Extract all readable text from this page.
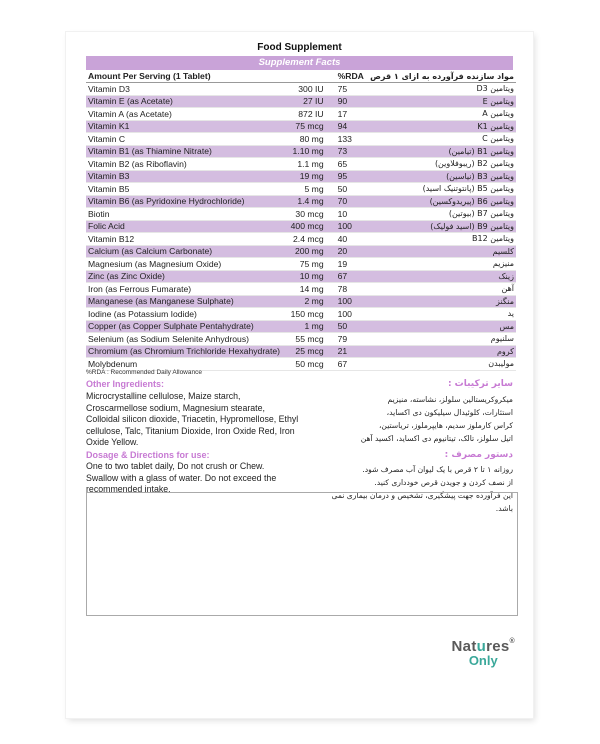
Food Supplement
Supplement Facts
Amount Per Serving (1 Tablet)		%RDA	مواد سازنده فرآورده به ازای ۱ قرص
Vitamin D3	300 IU	75	ویتامین D3
Vitamin E (as Acetate)	27 IU	90	ویتامین E
Vitamin A (as Acetate)	872 IU	17	ویتامین A
Vitamin K1	75 mcg	94	ویتامین K1
Vitamin C	80 mg	133	ویتامین C
Vitamin B1 (as Thiamine Nitrate)	1.10 mg	73	ویتامین B1 (تیامین)
Vitamin B2 (as Riboflavin)	1.1 mg	65	ویتامین B2 (ریبوفلاوین)
Vitamin B3	19 mg	95	ویتامین B3 (نیاسین)
Vitamin B5	5 mg	50	ویتامین B5 (پانتوتنیک اسید)
Vitamin B6 (as Pyridoxine Hydrochloride)	1.4 mg	70	ویتامین B6 (پیریدوکسین)
Biotin	30 mcg	10	ویتامین B7 (بیوتین)
Folic Acid	400 mcg	100	ویتامین B9 (اسید فولیک)
Vitamin B12	2.4 mcg	40	ویتامین B12
Calcium (as Calcium Carbonate)	200 mg	20	کلسیم
Magnesium (as Magnesium Oxide)	75 mg	19	منیزیم
Zinc (as Zinc Oxide)	10 mg	67	زینک
Iron (as Ferrous Fumarate)	14 mg	78	آهن
Manganese (as Manganese Sulphate)	2 mg	100	منگنز
Iodine (as Potassium Iodide)	150 mcg	100	ید
Copper (as Copper Sulphate Pentahydrate)	1 mg	50	مس
Selenium (as Sodium Selenite Anhydrous)	55 mcg	79	سلنیوم
Chromium (as Chromium Trichloride Hexahydrate)	25 mcg	21	کروم
Molybdenum	50 mcg	67	مولیبدن
%RDA : Recommended Daily Allowance
Other Ingredients:
Microcrystalline cellulose, Maize starch,
Croscarmellose sodium, Magnesium stearate,
Colloidal silicon dioxide, Triacetin, Hypromellose, Ethyl
cellulose, Talc, Titanium Dioxide, Iron Oxide Red, Iron
Oxide Yellow.
سایر ترکیبات :
میکروکریستالین سلولز، نشاسته، منیزیم
استئارات، کلوئیدال سیلیکون دی اکساید،
کراس کارملوز سدیم، هایپرملوز، تریاستین،
اتیل سلولز، تالک، تیتانیوم دی اکساید، اکسید آهن
Dosage & Directions for use:
One to two tablet daily, Do not crush or Chew.
Swallow with a glass of water. Do not exceed the
recommended intake.
دستور مصرف :
روزانه ۱ تا ۲ قرص با یک لیوان آب مصرف شود.
از نصف کردن و جویدن قرص خودداری کنید.
این فرآورده جهت پیشگیری، تشخیص و درمان بیماری نمی باشد.
Natures®
Only
